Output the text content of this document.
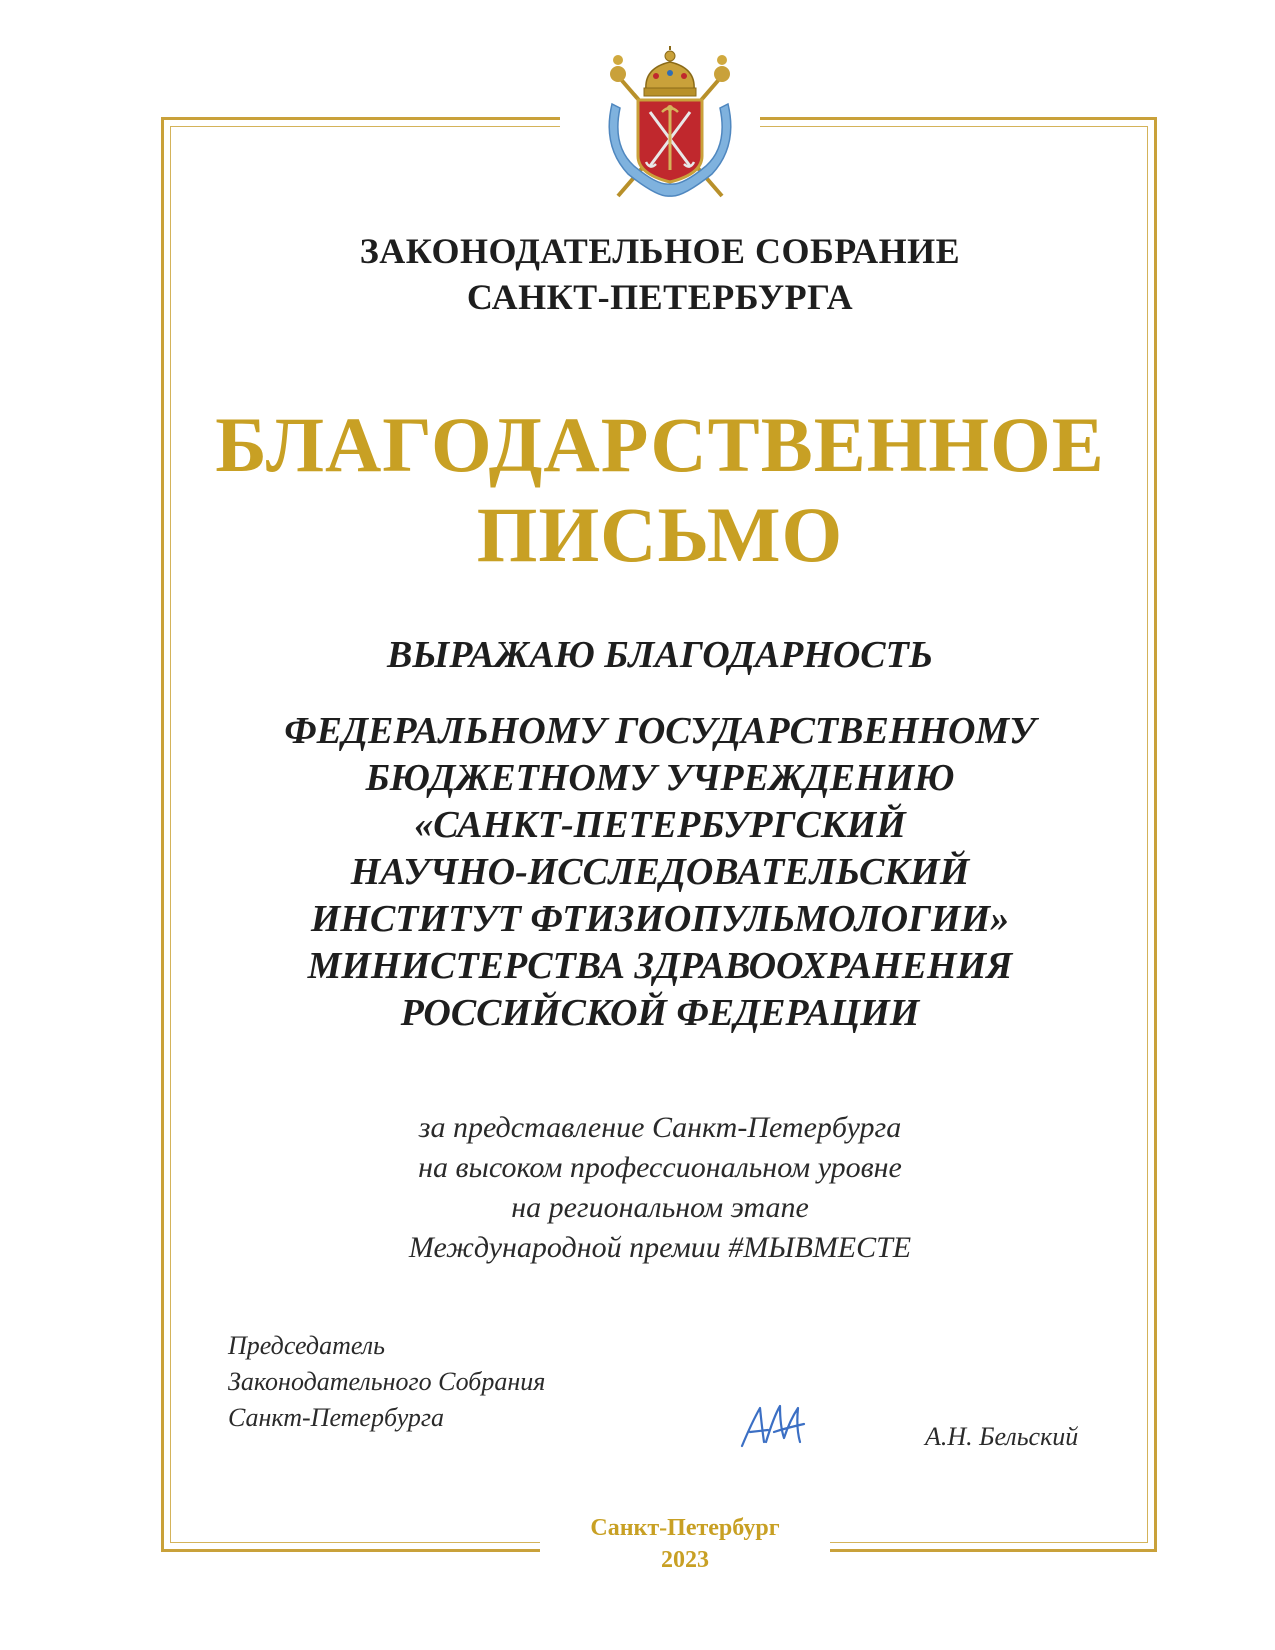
ЗАКОНОДАТЕЛЬНОЕ СОБРАНИЕ
САНКТ-ПЕТЕРБУРГА
БЛАГОДАРСТВЕННОЕ
ПИСЬМО
ВЫРАЖАЮ БЛАГОДАРНОСТЬ
ФЕДЕРАЛЬНОМУ ГОСУДАРСТВЕННОМУ
БЮДЖЕТНОМУ УЧРЕЖДЕНИЮ
«САНКТ-ПЕТЕРБУРГСКИЙ
НАУЧНО-ИССЛЕДОВАТЕЛЬСКИЙ
ИНСТИТУТ ФТИЗИОПУЛЬМОЛОГИИ»
МИНИСТЕРСТВА ЗДРАВООХРАНЕНИЯ
РОССИЙСКОЙ ФЕДЕРАЦИИ
за представление Санкт-Петербурга
на высоком профессиональном уровне
на региональном этапе
Международной премии #МЫВМЕСТЕ
Председатель
Законодательного Собрания
Санкт-Петербурга
А.Н. Бельский
Санкт-Петербург
2023
